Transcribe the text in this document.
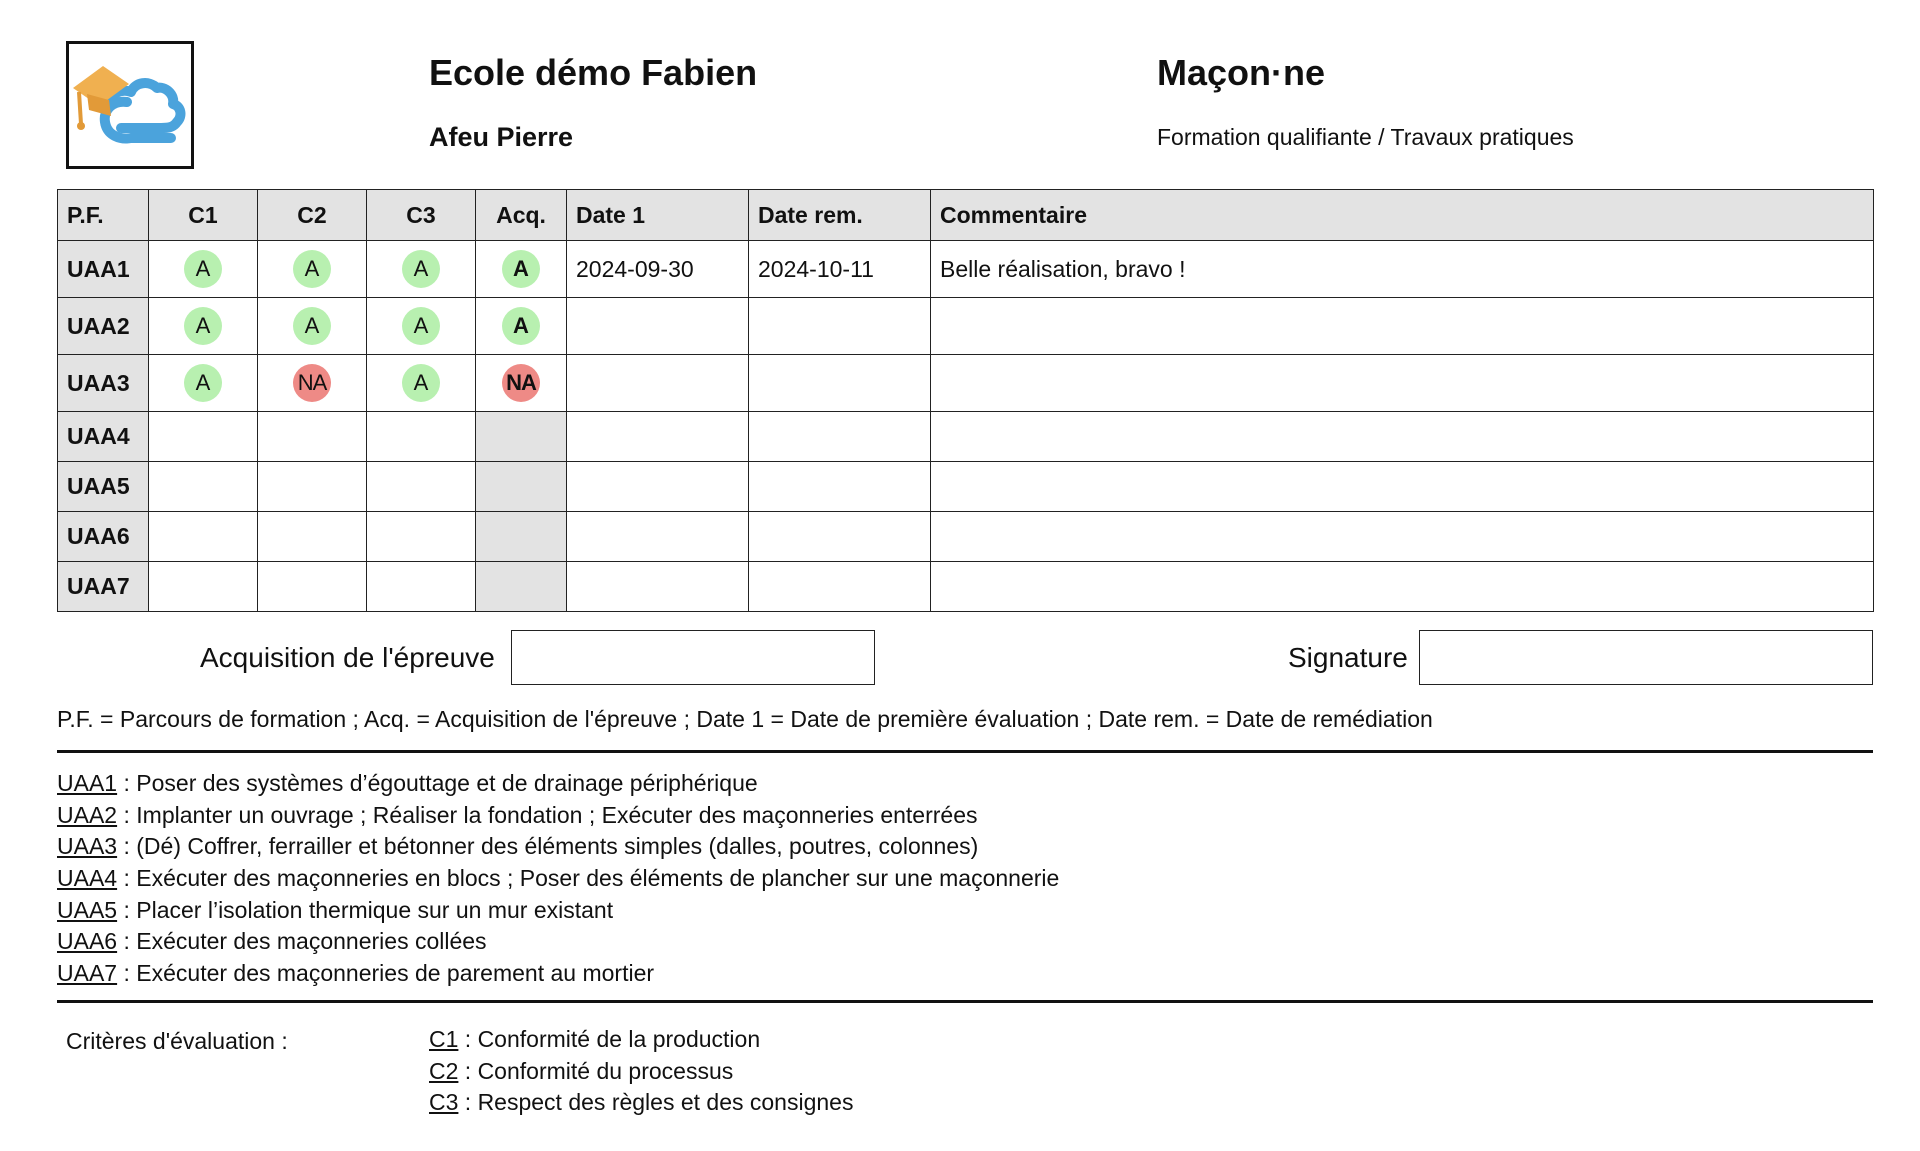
Ecole démo Fabien
Afeu Pierre
Maçon·ne
Formation qualifiante / Travaux pratiques
P.F.	C1	C2	C3	Acq.	Date 1	Date rem.	Commentaire
UAA1	A	A	A	A	2024-09-30	2024-10-11	Belle réalisation, bravo !
UAA2	A	A	A	A			
UAA3	A	NA	A	NA			
UAA4							
UAA5							
UAA6							
UAA7							
Acquisition de l'épreuve	Signature
P.F. = Parcours de formation ; Acq. = Acquisition de l'épreuve ; Date 1 = Date de première évaluation ; Date rem. = Date de remédiation
UAA1 : Poser des systèmes d’égouttage et de drainage périphérique
UAA2 : Implanter un ouvrage ; Réaliser la fondation ; Exécuter des maçonneries enterrées
UAA3 : (Dé) Coffrer, ferrailler et bétonner des éléments simples (dalles, poutres, colonnes)
UAA4 : Exécuter des maçonneries en blocs ; Poser des éléments de plancher sur une maçonnerie
UAA5 : Placer l’isolation thermique sur un mur existant
UAA6 : Exécuter des maçonneries collées
UAA7 : Exécuter des maçonneries de parement au mortier
Critères d'évaluation :	C1 : Conformité de la production
C2 : Conformité du processus
C3 : Respect des règles et des consignes
